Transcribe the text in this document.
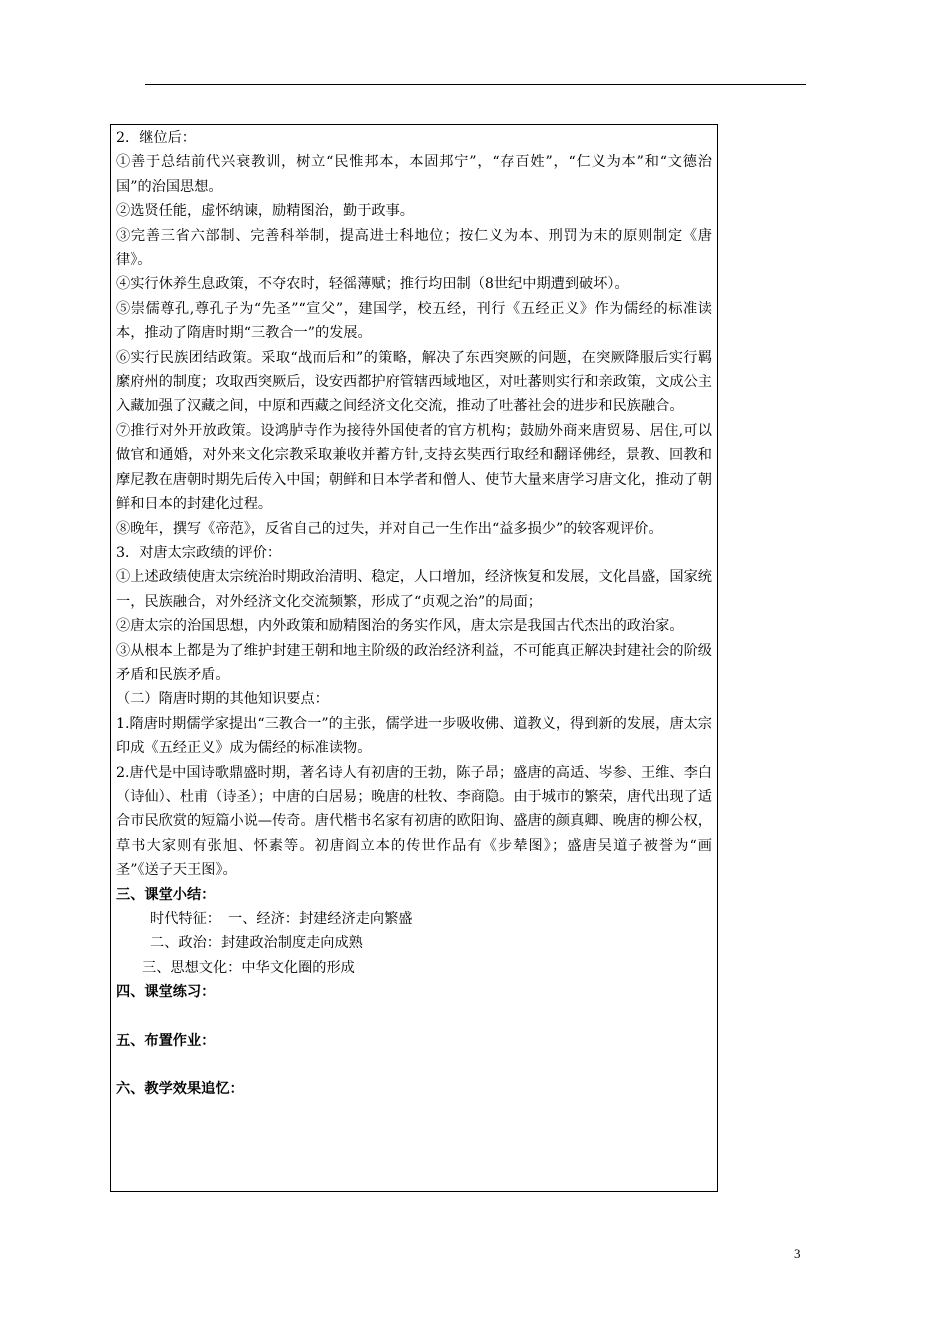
2．继位后：

①善于总结前代兴衰教训，树立“民惟邦本，本固邦宁”，“存百姓”，“仁义为本”和“文德治国”的治国思想。

②选贤任能，虚怀纳谏，励精图治，勤于政事。

③完善三省六部制、完善科举制，提高进士科地位；按仁义为本、刑罚为末的原则制定《唐律》。

④实行休养生息政策，不夺农时，轻徭薄赋；推行均田制（8世纪中期遭到破坏）。

⑤崇儒尊孔,尊孔子为“先圣”“宣父”，建国学，校五经，刊行《五经正义》作为儒经的标准读本，推动了隋唐时期“三教合一”的发展。

⑥实行民族团结政策。采取“战而后和”的策略，解决了东西突厥的问题，在突厥降服后实行羁縻府州的制度；攻取西突厥后，设安西都护府管辖西域地区，对吐蕃则实行和亲政策，文成公主入藏加强了汉藏之间，中原和西藏之间经济文化交流，推动了吐蕃社会的进步和民族融合。

⑦推行对外开放政策。设鸿胪寺作为接待外国使者的官方机构；鼓励外商来唐贸易、居住,可以做官和通婚，对外来文化宗教采取兼收并蓄方针,支持玄奘西行取经和翻译佛经，景教、回教和摩尼教在唐朝时期先后传入中国；朝鲜和日本学者和僧人、使节大量来唐学习唐文化，推动了朝鲜和日本的封建化过程。

⑧晚年，撰写《帝范》，反省自己的过失，并对自己一生作出“益多损少”的较客观评价。

3．对唐太宗政绩的评价：

①上述政绩使唐太宗统治时期政治清明、稳定，人口增加，经济恢复和发展，文化昌盛，国家统一，民族融合，对外经济文化交流频繁，形成了“贞观之治”的局面；

②唐太宗的治国思想，内外政策和励精图治的务实作风，唐太宗是我国古代杰出的政治家。

③从根本上都是为了维护封建王朝和地主阶级的政治经济利益，不可能真正解决封建社会的阶级矛盾和民族矛盾。

（二）隋唐时期的其他知识要点：

1.隋唐时期儒学家提出“三教合一”的主张，儒学进一步吸收佛、道教义，得到新的发展，唐太宗印成《五经正义》成为儒经的标准读物。

2.唐代是中国诗歌鼎盛时期，著名诗人有初唐的王勃，陈子昂；盛唐的高适、岑参、王维、李白（诗仙）、杜甫（诗圣）；中唐的白居易；晚唐的杜牧、李商隐。由于城市的繁荣，唐代出现了适合市民欣赏的短篇小说—传奇。唐代楷书名家有初唐的欧阳询、盛唐的颜真卿、晚唐的柳公权，草书大家则有张旭、怀素等。初唐阎立本的传世作品有《步辇图》；盛唐吴道子被誉为“画圣”《送子天王图》。

三、课堂小结：

时代特征：　一、经济：封建经济走向繁盛

二、政治：封建政治制度走向成熟

三、思想文化：中华文化圈的形成

四、课堂练习：

五、布置作业：

六、教学效果追忆：

3
